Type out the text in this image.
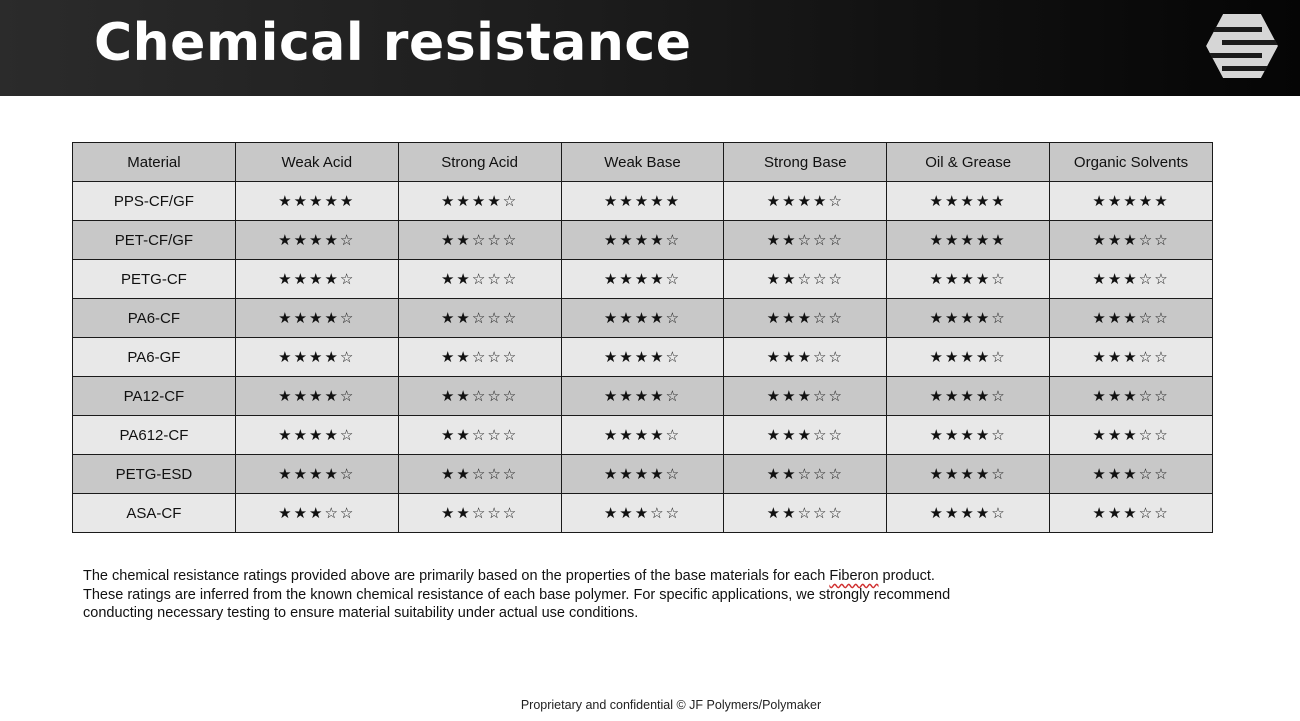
Chemical resistance
Material	Weak Acid	Strong Acid	Weak Base	Strong Base	Oil & Grease	Organic Solvents
PPS-CF/GF	★★★★★	★★★★☆	★★★★★	★★★★☆	★★★★★	★★★★★
PET-CF/GF	★★★★☆	★★☆☆☆	★★★★☆	★★☆☆☆	★★★★★	★★★☆☆
PETG-CF	★★★★☆	★★☆☆☆	★★★★☆	★★☆☆☆	★★★★☆	★★★☆☆
PA6-CF	★★★★☆	★★☆☆☆	★★★★☆	★★★☆☆	★★★★☆	★★★☆☆
PA6-GF	★★★★☆	★★☆☆☆	★★★★☆	★★★☆☆	★★★★☆	★★★☆☆
PA12-CF	★★★★☆	★★☆☆☆	★★★★☆	★★★☆☆	★★★★☆	★★★☆☆
PA612-CF	★★★★☆	★★☆☆☆	★★★★☆	★★★☆☆	★★★★☆	★★★☆☆
PETG-ESD	★★★★☆	★★☆☆☆	★★★★☆	★★☆☆☆	★★★★☆	★★★☆☆
ASA-CF	★★★☆☆	★★☆☆☆	★★★☆☆	★★☆☆☆	★★★★☆	★★★☆☆
The chemical resistance ratings provided above are primarily based on the properties of the base materials for each Fiberon product. These ratings are inferred from the known chemical resistance of each base polymer. For specific applications, we strongly recommend conducting necessary testing to ensure material suitability under actual use conditions.
Proprietary and confidential © JF Polymers/Polymaker
